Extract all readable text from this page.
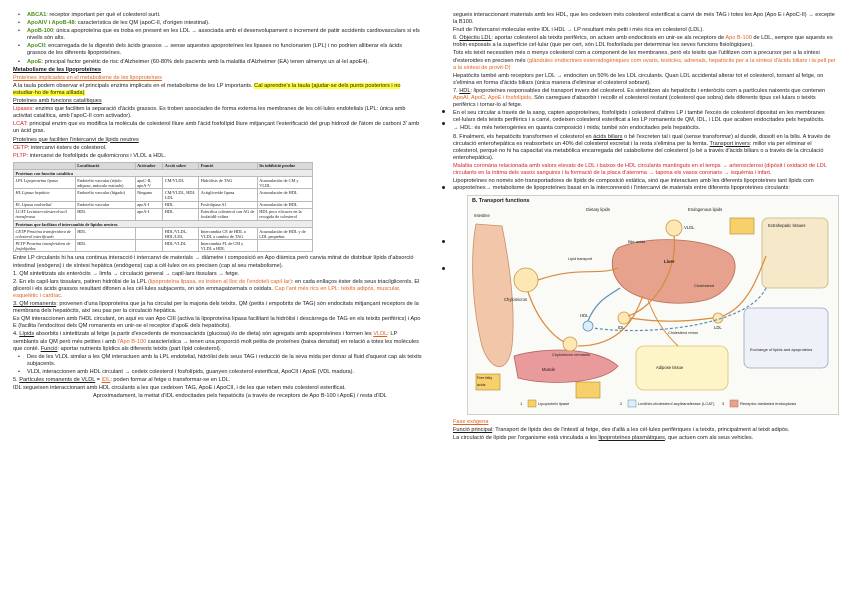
• ABCA1: receptor important per què el colesterol surti.
• ApoAIV i ApoB-48: característica de les QM (apoC-II, d'origen intestinal).
• ApoB-100: única apoproteïna que es troba en present en les LDL → associada amb el desenvolupament o increment de patiir accidents cardiovasculars si els nivells són alts.
• ApoCII: encarregada de la digestió dels àcids grassos → sense aquestes apoproteïnes les lipases no funcionarien (LPL) i no podrien alliberar els àcids grassos de les diferents lipoproteïnes.
• ApoE: principal factor genètic de risc d'Alzheimer (60-80% dels pacients amb la malaltia d'Alzheimer (EA) tenen almenys un al·lel apoE4).

Metabolisme de les lipoproteïnes

Proteïnes implicades en el metabolisme de les lipoproteïnes

A la taula podem observar el principals enzims implicats en el metabolisme de les LP importants. Cal aprendre's la taula (ajudar-se dels punts posteriors i no estudiar-ho de forma aïllada)

Proteïnes amb funcions catalítiques

Lipases: enzims que faciliten la separació d'àcids grassos. Es troben associades de forma externa les membranes de les cèl·lules endotelials (LPL: única amb activitat catalítica, amb l'apoC-II com activador).

LCAT: principal enzim que es modifica la molècula de colesterol lliure amb l'àcid fosfolípid lliure mitjançant l'esterificació del grup hidroxil de l'àtom de carboni 3' amb un àcid gras.

Proteïnes que faciliten l'intercanvi de lípids neutres

CETP: intercanvi èsters de colesterol.

PLTP: intercanvi de fosfolípids de quilomicrons i VLDL a HDL.

	Localització	Activador	Acció sobre	Funció	Its inhibició produe
Proteïnas con función catalítica					
LPL Lipoproteína lipasa	Endotelio vascular (tejido adiposo, músculo estriado)	apoC-II, apoA-V	CM/VLDL	Hidrólisis de TAG	Acumulación de CM y VLDL
HL Lipasa hepática	Endotelio vascular (hígado)	Ninguno	CM/VLDL, HDL LDL	Actigliceride lipasa	Acumulación de HDL
EL Lipasa endotelial	Endotelio vascular	apoA-I	HDL	Fosfolipasa A1	Acumulación de HDL
LCAT Lecitina-colesterol-acil transferasa	HDL	apoA-I	HDL	Esterifica colesterol con AG de fosfatidil-colina	HDL poco eficaces en la recogida de colesterol
Proteïnas que facilitan el intercambio de lípidos neutros					
CETP Proteína transferidora de colesterol esterificado	HDL		HDL/VLDL, HDL/LDL	Intercambia CE de HDL a VLDL a cambio de TAG	Acumulación de HDL y de LDL pequeñas
PLTP Proteína transferidora de fosfolípidos	HDL		HDL/VLDL	Intercambia FL de CM y VLDL a HDL	

Entre LP circulants hi ha una continua interacció i intercanvi de materials → diàmetre i composició en Apo diàmica però canvia mitrat de distribuir lípids d'absorció intestinal (exògens) i de síntesi hepàtica (endògens) cap a cèl·lules on es precisen (cap al seu metabolisme).

1. QM sintetitzats als enteròcits → limfa → circulació general → capil·lars tissulars → fetge.

2. En els capil·lars tissulars, patiren hidròlisi de la LPL (lipoproteïna lipasa, es troben al lloc de l'endoteli capil·lar): en cada enllaços èster dels seus triacilglicerols. El glicerol i els àcids grassos resultant difonen a les cèl·lules subjacents, on són emmagatzemats o oxidats. Cap l'ant més rics en LPL: teixits adipós, muscular, esquelètic i cardíac.

3. QM romanents: provenen d'una lipoproteïna que ja ha circulat per la majoria dels teixits. QM (petits i empobrits de TAG) són endocitats mitjançant receptors de la membrana dels hepatòcits, així seu pas per la circulació hepàtica.

Es QM interaccionen amb l'HDL circulant, on aquí es van Apo CIII (activa la lipoproteïna lipasa facilitant la hidròlisi i descàrrega de TAG en els teixits perifèrics) i Apo E (facilita l'endocitosi dels QM romanents en unir-se el receptor d'apoE dels hepatòcits).

4. Lípids absorbits i sintetitzats al fetge (a partir d'excedents de monosacàrids (glucosa) i/o de dieta) són agregats amb apoproteïnes i formen les VLDL: LP semblants als QM però més petites i amb l'Apo B-100 característica → tenen una proporció molt petita de proteïnes (baixa densitat) en relació a totes les molècules que conté. Funció: aportar nutrients lipídics als diferents teixits (part lípid colesterol).

• Des de les VLDL similar a les QM interactuen amb la LPL endotelial, hidròlisi dels seus TAG i reducció de la seva mida per donar al fluid d'aquest cap als teixits subjacents.
• VLDL interaccionen amb HDL circulant → cedeix colesterol i fosfolípids, guanyen colesterol esterificat, ApoCII i ApoE (VDL madura).

5. Partícules romanents de VLDL = IDL: poden formar al fetge o transformar-se en LDL.

IDL segueixen interaccionant amb HDL circulants a les que cedeixen TAG, ApoE i ApoCII, i de les que reben més colesterol esterificat.

Aproximadament, la meitat d'IDL endocitades pels hepatòcits (a través de receptors de Apo B-100 i ApoE) / resta d'IDL

segueix interaccionant materials amb les HDL, que les cedeixen més colesterol esterificat a canvi de més TAG i totes les Apo (Apo E i ApoC-II) → excepte la B100.

Fruit de l'intercanvi molecular entre IDL i HDL → LP resultant més petit i més rica en colesterol (LDL).

6. Objectiu LDL: aportar colesterol als teixits perifèrics, on actuen amb endocitosis en unir-se als receptors de Apo B-100 de LDL, sempre que aquests es trobin exposats a la superfície cel·lular (que per cert, són LDL fosforilada per determinar les seves funcions fisiològiques).

Tots els teixit necessiten més o menys colesterol com a component de les membranes, però els teixits que l'utilitzen com a precursor per a la síntesi d'esteroides en precisen més (glàndules endocrines esteroidogèniques com ovaris, testicles, adrenals, hepatòcits per a la síntesi d'àcids biliars i la pell per a la síntesi de provit-D)

Hepatòcits també amb receptors per LDL → endociten un 50% de les LDL circulants. Quan LDL accidental alterar tot el colesterol, tornant al fetge, on s'elimina en forma d'àcids biliars (única manera d'eliminar el colesterol sobrant).

7. HDL: lipoproteïnes responsables del transport invers del colesterol. Es sintetitzen als hepatòcits i enteròcits com a partícules naixents que contenen ApoAI, ApoC, ApoE i fosfolípids. Són carregues d'absorbir i recollir el colesterol restant (colesterol que sobra) dels diferents tipus cel·lulars o teixits perifèrics i tornar-lo al fetge.

En el seu circular a través de la sang, capten apoproteïnes, fosfolípids i colesterol d'altres LP i també l'excés de colesterol dipositat en les membranes cel·lulars dels teixits perifèrics i a canvi, cedeixen colesterol esterificat a les LP romanents de QM, IDL, i LDL que acaben endocitades pels hepatòcits.

→ HDL: és més heterogènies en quanta composició i mida; també són endocitades pels hepatòcits.

8. Finalment, els hepatòcits transformen el colesterol en àcids biliars o bé l'excreten tal i qual (sense transformar) al duodè, dissolt en la bilis. A través de circulació enterohepàtica es reabsorbeix un 40% del colesterol excretat i la resta s'elimina per la femta. Transport invers: millor via per eliminar el colesterol, perquè no hi ha capacitat via metabòlica encarregada del catabolisme del colesterol (o bé a través d'àcids biliars o a través de la circulació enterohepàtica).

Malaltia coronària relacionada amb valors elevats de LDL i baixos de HDL circulants mantinguts en el temps → arterosclerosi (dipòsit i oxidació de LDL circulants en la íntima dels vasos sanguinis i la formació de la placa d'ateroma → tapona els vasos coronaris → isquèmia i infart.

Lipoproteïnes no només són transportadores de lípids de composició estàtica, sinó que interactuen amb les diferents lipoproteïnes tant lípids com apoproteïnes→ metabolisme de lipoproteïnes basat en la interconnexió i l'intercanvi de materials entre diferents lipoproteïnes circulants:

B. Transport functions
Intestine
Dietary lipids	Endogenous lipids
Liver
Extrahepatic tissues
Chylomicron
VLDL
IDL	LDL
HDL
Muscle	Adipose tissue
Free fatty acids
Cholesterol
Lipoprotein lipase	Lecithin-cholesterol acyltransferase (LCAT)	Receptor-mediated endocytosis
Exchange of lipids and apoproteins
Bile acids
Chylomicron remnants
Cholesterol return
Lipid transport
1	2	3

Fase exògena

Funció principal: Transport de lípids des de l'intestí al fetge, des d'allà a les cèl·lules perifèriques i a teixits, principalment al teixit adipós.

La circulació de lípids per l'organisme està vinculada a les lipoproteïnes plasmàtiques, que actuen com als seus vehicles.
